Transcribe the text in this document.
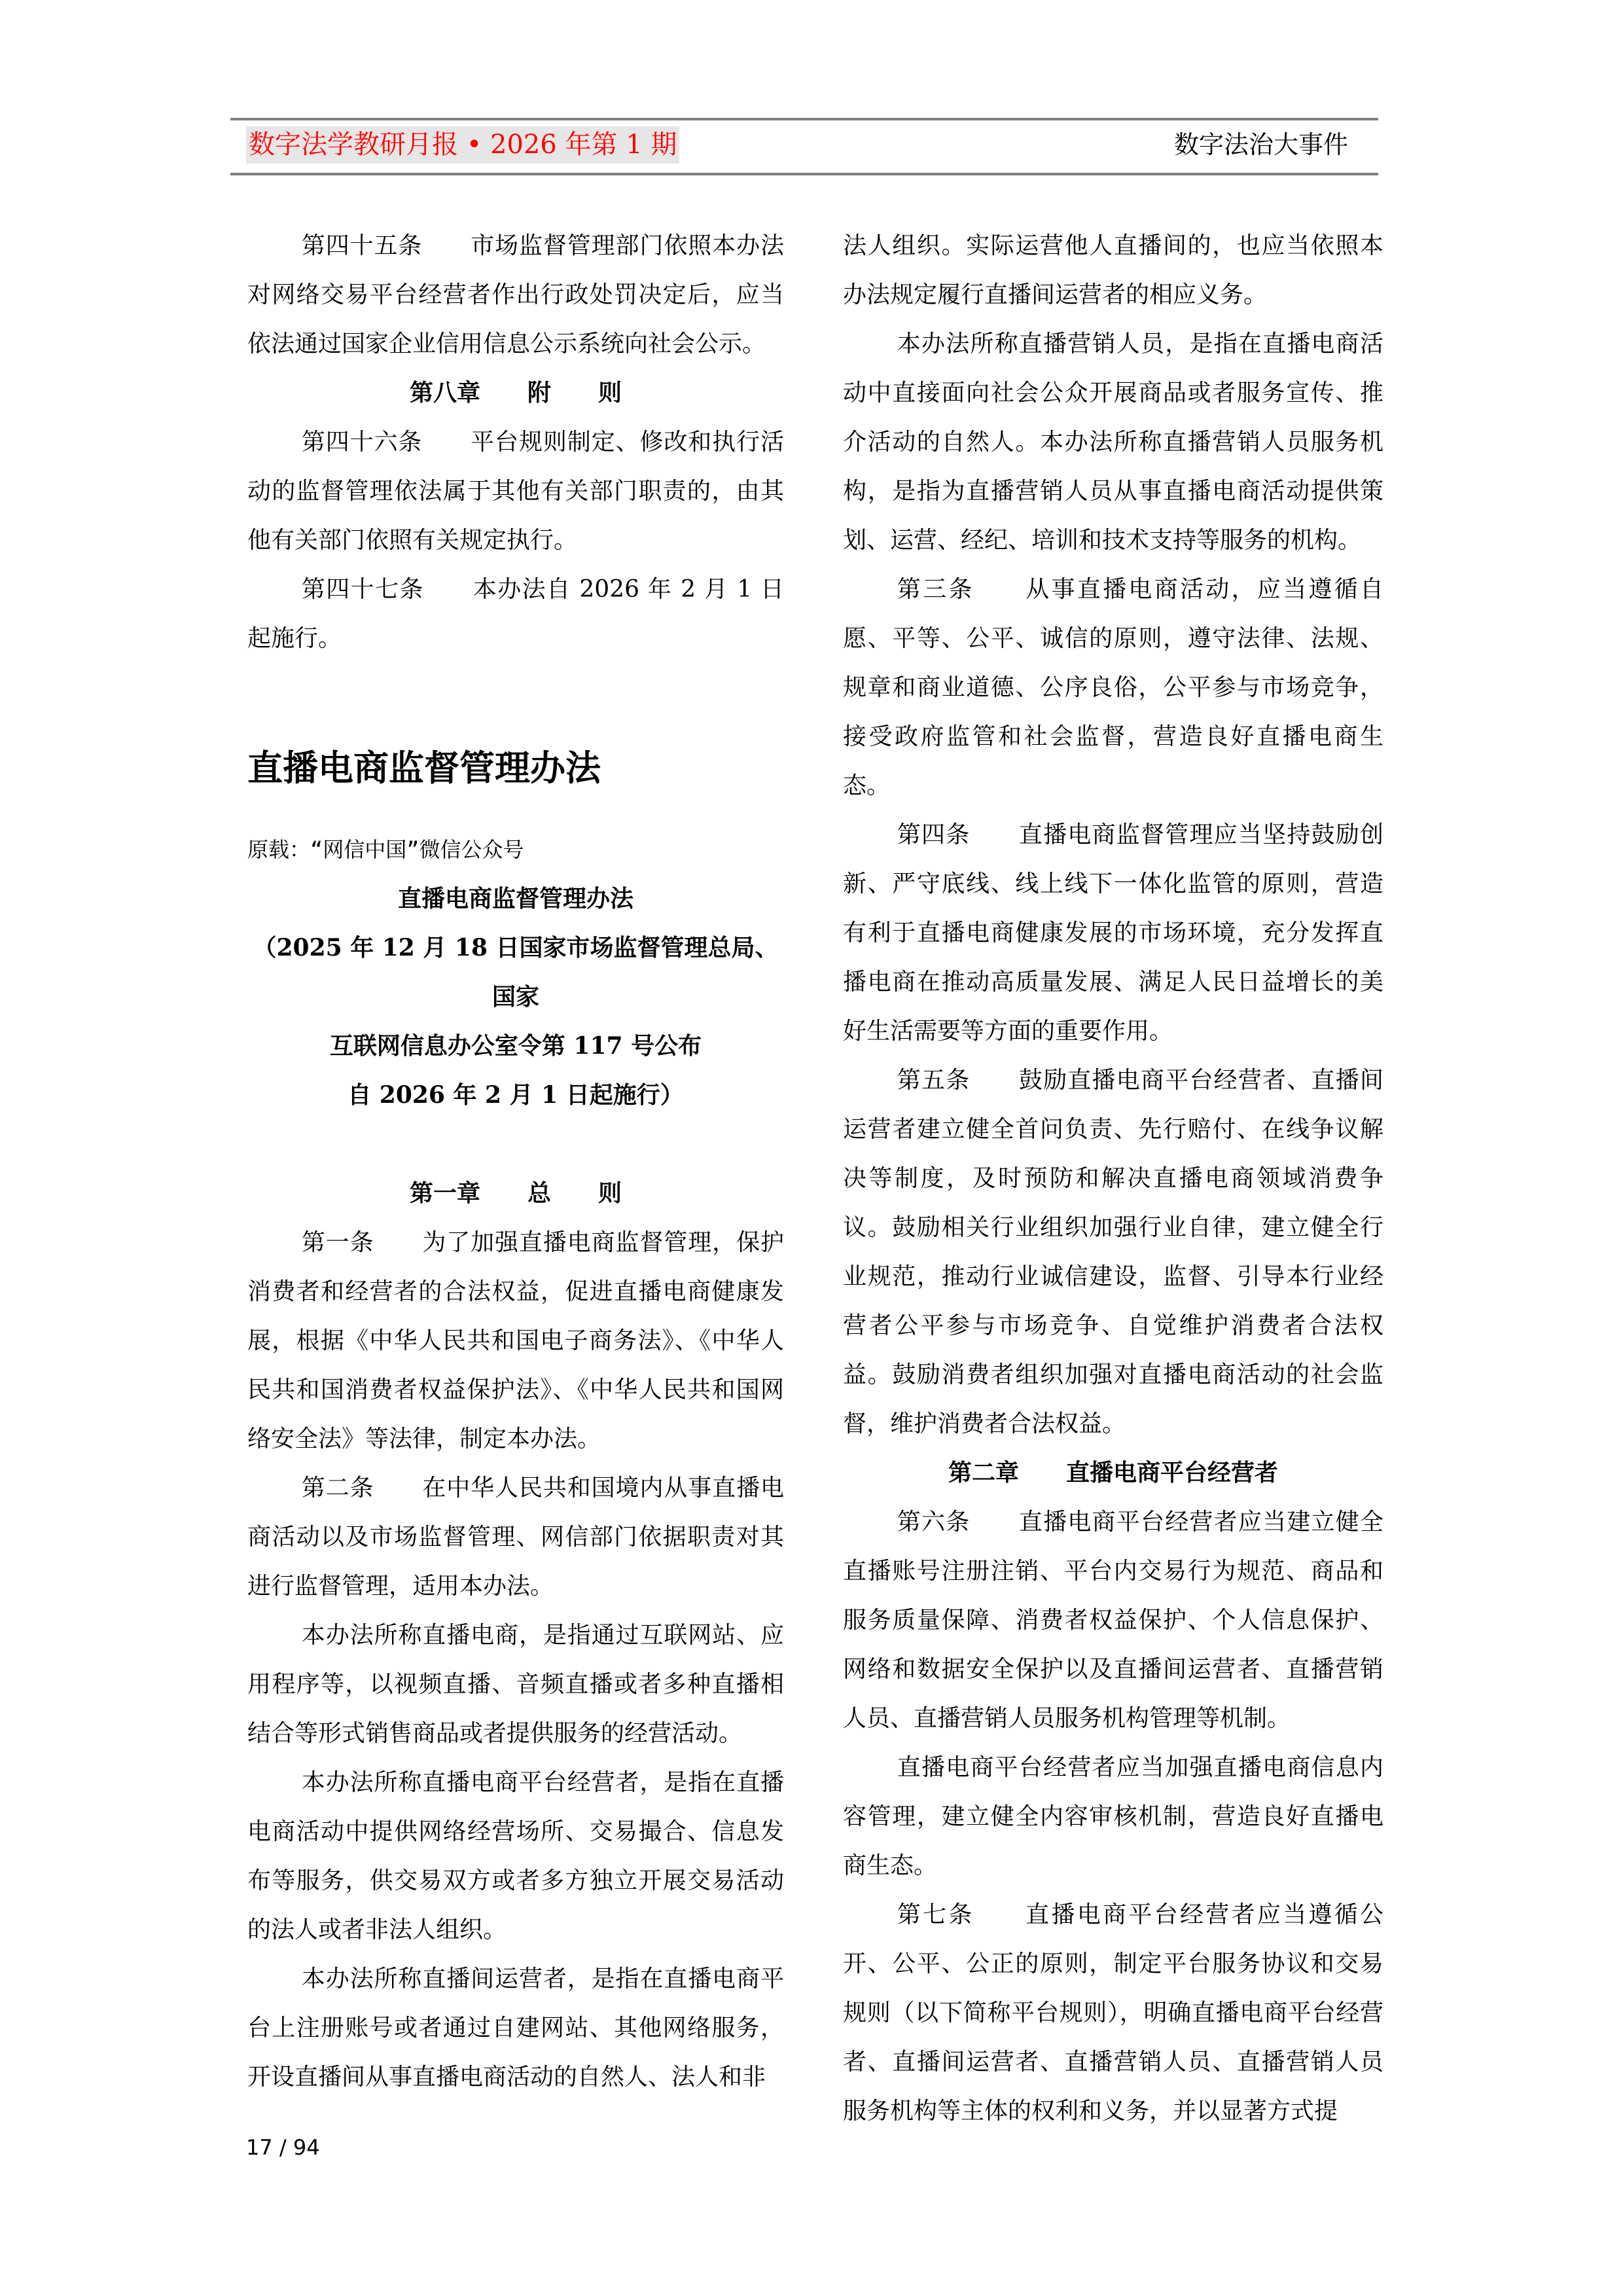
数字法学教研月报 • 2026 年第 1 期	数字法治大事件

第四十五条　　市场监督管理部门依照本办法对网络交易平台经营者作出行政处罚决定后，应当依法通过国家企业信用信息公示系统向社会公示。

第八章　　附　　则

第四十六条　　平台规则制定、修改和执行活动的监督管理依法属于其他有关部门职责的，由其他有关部门依照有关规定执行。

第四十七条　　本办法自 2026 年 2 月 1 日起施行。

直播电商监督管理办法

原载：“网信中国”微信公众号

直播电商监督管理办法

（2025 年 12 月 18 日国家市场监督管理总局、国家

互联网信息办公室令第 117 号公布

自 2026 年 2 月 1 日起施行）

第一章　　总　　则

第一条　　为了加强直播电商监督管理，保护消费者和经营者的合法权益，促进直播电商健康发展，根据《中华人民共和国电子商务法》、《中华人民共和国消费者权益保护法》、《中华人民共和国网络安全法》等法律，制定本办法。

第二条　　在中华人民共和国境内从事直播电商活动以及市场监督管理、网信部门依据职责对其进行监督管理，适用本办法。

本办法所称直播电商，是指通过互联网站、应用程序等，以视频直播、音频直播或者多种直播相结合等形式销售商品或者提供服务的经营活动。

本办法所称直播电商平台经营者，是指在直播电商活动中提供网络经营场所、交易撮合、信息发布等服务，供交易双方或者多方独立开展交易活动的法人或者非法人组织。

本办法所称直播间运营者，是指在直播电商平台上注册账号或者通过自建网站、其他网络服务，开设直播间从事直播电商活动的自然人、法人和非

法人组织。实际运营他人直播间的，也应当依照本办法规定履行直播间运营者的相应义务。

本办法所称直播营销人员，是指在直播电商活动中直接面向社会公众开展商品或者服务宣传、推介活动的自然人。本办法所称直播营销人员服务机构，是指为直播营销人员从事直播电商活动提供策划、运营、经纪、培训和技术支持等服务的机构。

第三条　　从事直播电商活动，应当遵循自愿、平等、公平、诚信的原则，遵守法律、法规、规章和商业道德、公序良俗，公平参与市场竞争，接受政府监管和社会监督，营造良好直播电商生态。

第四条　　直播电商监督管理应当坚持鼓励创新、严守底线、线上线下一体化监管的原则，营造有利于直播电商健康发展的市场环境，充分发挥直播电商在推动高质量发展、满足人民日益增长的美好生活需要等方面的重要作用。

第五条　　鼓励直播电商平台经营者、直播间运营者建立健全首问负责、先行赔付、在线争议解决等制度，及时预防和解决直播电商领域消费争议。鼓励相关行业组织加强行业自律，建立健全行业规范，推动行业诚信建设，监督、引导本行业经营者公平参与市场竞争、自觉维护消费者合法权益。鼓励消费者组织加强对直播电商活动的社会监督，维护消费者合法权益。

第二章　　直播电商平台经营者

第六条　　直播电商平台经营者应当建立健全直播账号注册注销、平台内交易行为规范、商品和服务质量保障、消费者权益保护、个人信息保护、网络和数据安全保护以及直播间运营者、直播营销人员、直播营销人员服务机构管理等机制。

直播电商平台经营者应当加强直播电商信息内容管理，建立健全内容审核机制，营造良好直播电商生态。

第七条　　直播电商平台经营者应当遵循公开、公平、公正的原则，制定平台服务协议和交易规则（以下简称平台规则），明确直播电商平台经营者、直播间运营者、直播营销人员、直播营销人员服务机构等主体的权利和义务，并以显著方式提

17 / 94
